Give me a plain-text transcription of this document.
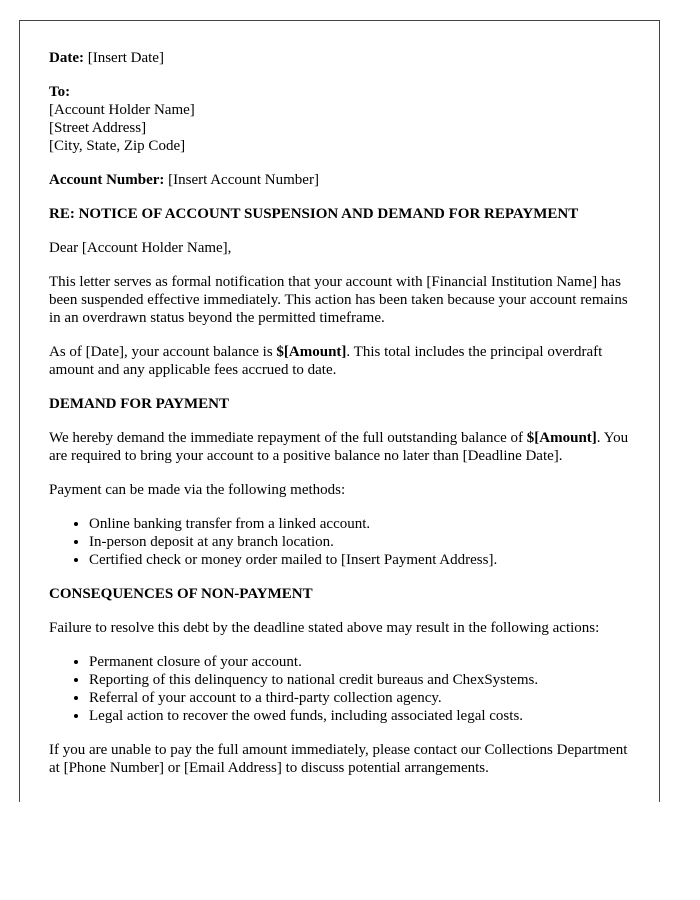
Date: [Insert Date]

To:
[Account Holder Name]
[Street Address]
[City, State, Zip Code]

Account Number: [Insert Account Number]

RE: NOTICE OF ACCOUNT SUSPENSION AND DEMAND FOR REPAYMENT

Dear [Account Holder Name],

This letter serves as formal notification that your account with [Financial Institution Name] has been suspended effective immediately. This action has been taken because your account remains in an overdrawn status beyond the permitted timeframe.

As of [Date], your account balance is $[Amount]. This total includes the principal overdraft amount and any applicable fees accrued to date.

DEMAND FOR PAYMENT

We hereby demand the immediate repayment of the full outstanding balance of $[Amount]. You are required to bring your account to a positive balance no later than [Deadline Date].

Payment can be made via the following methods:

• Online banking transfer from a linked account.
• In-person deposit at any branch location.
• Certified check or money order mailed to [Insert Payment Address].
CONSEQUENCES OF NON-PAYMENT

Failure to resolve this debt by the deadline stated above may result in the following actions:

• Permanent closure of your account.
• Reporting of this delinquency to national credit bureaus and ChexSystems.
• Referral of your account to a third-party collection agency.
• Legal action to recover the owed funds, including associated legal costs.

If you are unable to pay the full amount immediately, please contact our Collections Department at [Phone Number] or [Email Address] to discuss potential arrangements.
